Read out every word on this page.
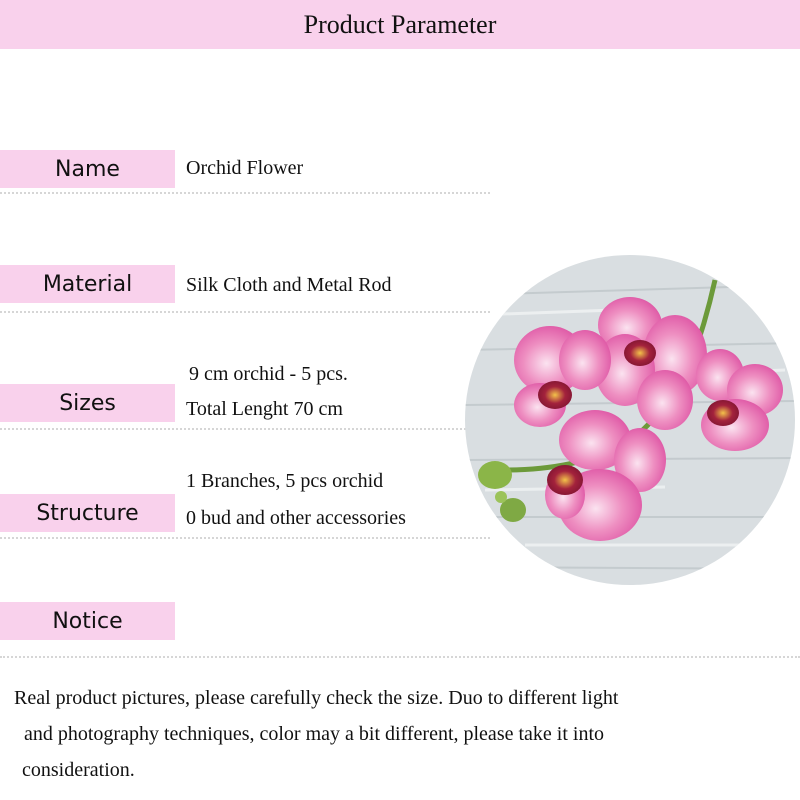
Product Parameter
Name	Orchid Flower
Material	Silk Cloth and Metal Rod
Sizes
9 cm orchid - 5 pcs.
Total Lenght 70 cm
Structure
1 Branches, 5 pcs orchid
0 bud and other accessories
Notice
Real product pictures, please carefully check the size. Duo to different light
and photography techniques, color may a bit different, please take it into
consideration.
